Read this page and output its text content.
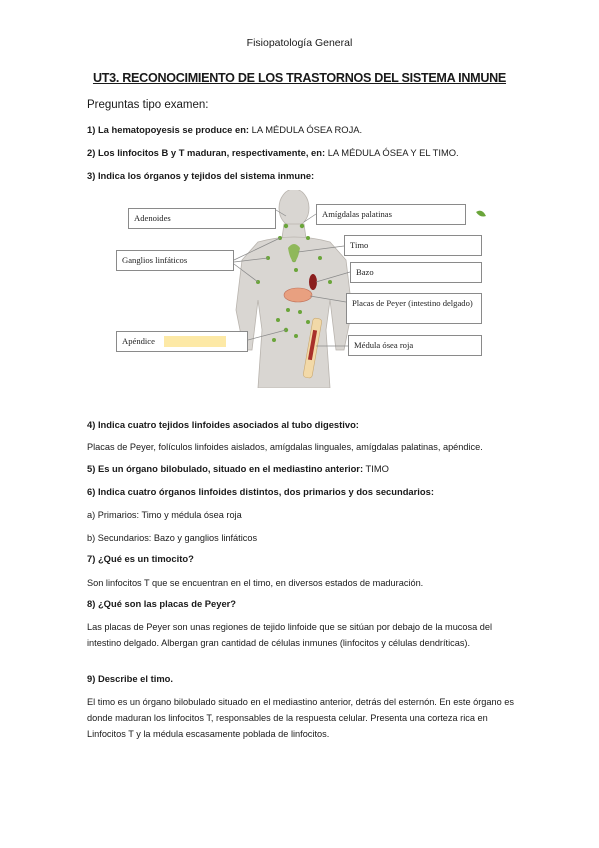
Fisiopatología General
UT3. RECONOCIMIENTO DE LOS TRASTORNOS DEL SISTEMA INMUNE
Preguntas tipo examen:
1) La hematopoyesis se produce en: LA MÉDULA ÓSEA ROJA.
2) Los linfocitos B y T maduran, respectivamente, en: LA MÉDULA ÓSEA Y EL TIMO.
3) Indica los órganos y tejidos del sistema inmune:
Adenoides	Amígdalas palatinas
Timo
Ganglios linfáticos
Bazo
Placas de Peyer (intestino delgado)
Apéndice	Médula ósea roja
4) Indica cuatro tejidos linfoides asociados al tubo digestivo:
Placas de Peyer, folículos linfoides aislados, amígdalas linguales, amígdalas palatinas, apéndice.
5) Es un órgano bilobulado, situado en el mediastino anterior: TIMO
6) Indica cuatro órganos linfoides distintos, dos primarios y dos secundarios:
a) Primarios: Timo y médula ósea roja
b) Secundarios: Bazo y ganglios linfáticos
7) ¿Qué es un timocito?
Son linfocitos T que se encuentran en el timo, en diversos estados de maduración.
8) ¿Qué son las placas de Peyer?
Las placas de Peyer son unas regiones de tejido linfoide que se sitúan por debajo de la mucosa del intestino delgado. Albergan gran cantidad de células inmunes (linfocitos y células dendríticas).
9) Describe el timo.
El timo es un órgano bilobulado situado en el mediastino anterior, detrás del esternón. En este órgano es donde maduran los linfocitos T, responsables de la respuesta celular. Presenta una corteza rica en Linfocitos T y la médula escasamente poblada de linfocitos.
